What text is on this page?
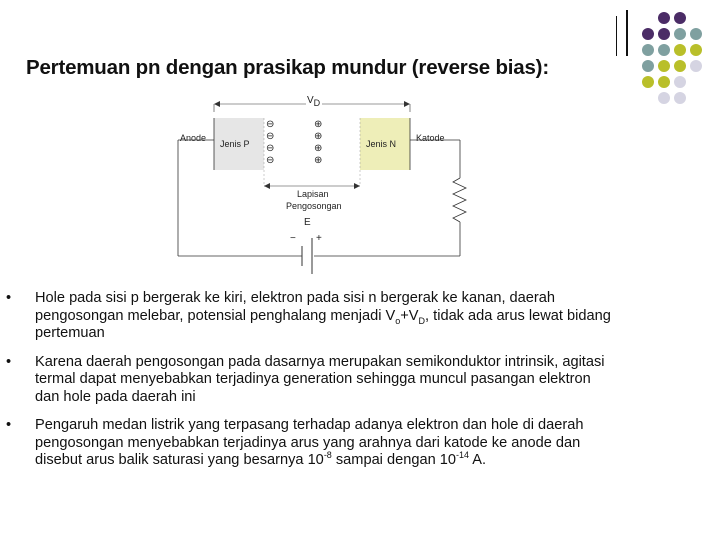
Pertemuan pn dengan prasikap mundur (reverse bias):
$V_D$
Anode	Katode
Jenis P	Jenis N
Lapisan
Pengosongan
E
− +
⊖
⊖
⊖
⊖
⊕
⊕
⊕
⊕
• Hole pada sisi p bergerak ke kiri, elektron pada sisi n bergerak ke kanan, daerah pengosongan melebar, potensial penghalang menjadi $V_o+V_D$, tidak ada arus lewat bidang pertemuan
• Karena daerah pengosongan pada dasarnya merupakan semikonduktor intrinsik, agitasi termal dapat menyebabkan terjadinya generation sehingga muncul pasangan elektron dan hole pada daerah ini
• Pengaruh medan listrik yang terpasang terhadap adanya elektron dan hole di daerah pengosongan menyebabkan terjadinya arus yang arahnya dari katode ke anode dan disebut arus balik saturasi yang besarnya $10^{-8}$ sampai dengan $10^{-14}$ A.
